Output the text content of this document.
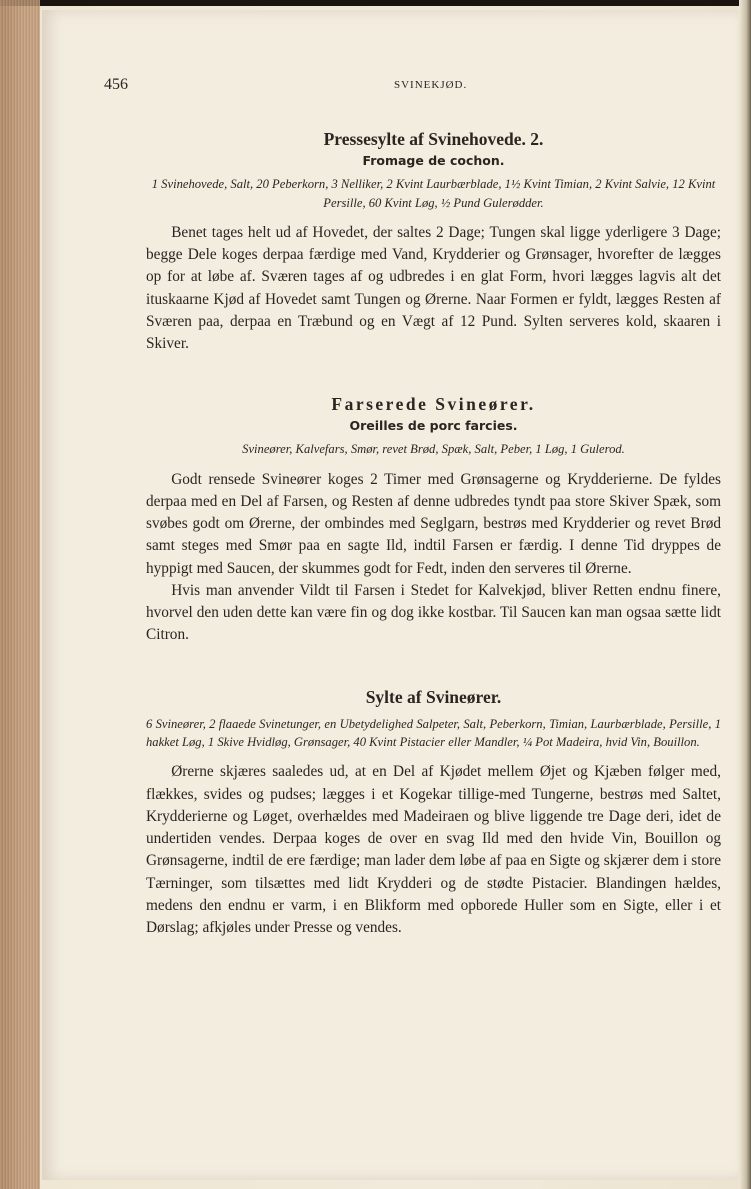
456	SVINEKJØD.
Pressesylte af Svinehovede. 2.
Fromage de cochon.
1 Svinehovede, Salt, 20 Peberkorn, 3 Nelliker, 2 Kvint Laurbærblade, 1½ Kvint Timian, 2 Kvint Salvie, 12 Kvint Persille, 60 Kvint Løg, ½ Pund Gulerødder.

Benet tages helt ud af Hovedet, der saltes 2 Dage; Tungen skal ligge yderligere 3 Dage; begge Dele koges derpaa færdige med Vand, Krydderier og Grønsager, hvorefter de lægges op for at løbe af. Sværen tages af og udbredes i en glat Form, hvori lægges lagvis alt det ituskaarne Kjød af Hovedet samt Tungen og Ørerne. Naar Formen er fyldt, lægges Resten af Sværen paa, derpaa en Træbund og en Vægt af 12 Pund. Sylten serveres kold, skaaren i Skiver.

Farserede Svineører.
Oreilles de porc farcies.
Svineører, Kalvefars, Smør, revet Brød, Spæk, Salt, Peber, 1 Løg, 1 Gulerod.

Godt rensede Svineører koges 2 Timer med Grønsagerne og Krydderierne. De fyldes derpaa med en Del af Farsen, og Resten af denne udbredes tyndt paa store Skiver Spæk, som svøbes godt om Ørerne, der ombindes med Seglgarn, bestrøs med Krydderier og revet Brød samt steges med Smør paa en sagte Ild, indtil Farsen er færdig. I denne Tid dryppes de hyppigt med Saucen, der skummes godt for Fedt, inden den serveres til Ørerne.

Hvis man anvender Vildt til Farsen i Stedet for Kalvekjød, bliver Retten endnu finere, hvorvel den uden dette kan være fin og dog ikke kostbar. Til Saucen kan man ogsaa sætte lidt Citron.

Sylte af Svineører.
6 Svineører, 2 flaaede Svinetunger, en Ubetydelighed Salpeter, Salt, Peberkorn, Timian, Laurbærblade, Persille, 1 hakket Løg, 1 Skive Hvidløg, Grønsager, 40 Kvint Pistacier eller Mandler, ¼ Pot Madeira, hvid Vin, Bouillon.

Ørerne skjæres saaledes ud, at en Del af Kjødet mellem Øjet og Kjæben følger med, flækkes, svides og pudses; lægges i et Kogekar tillige-med Tungerne, bestrøs med Saltet, Krydderierne og Løget, overhældes med Madeiraen og blive liggende tre Dage deri, idet de undertiden vendes. Derpaa koges de over en svag Ild med den hvide Vin, Bouillon og Grønsagerne, indtil de ere færdige; man lader dem løbe af paa en Sigte og skjærer dem i store Tærninger, som tilsættes med lidt Krydderi og de stødte Pistacier. Blandingen hældes, medens den endnu er varm, i en Blikform med opborede Huller som en Sigte, eller i et Dørslag; afkjøles under Presse og vendes.
